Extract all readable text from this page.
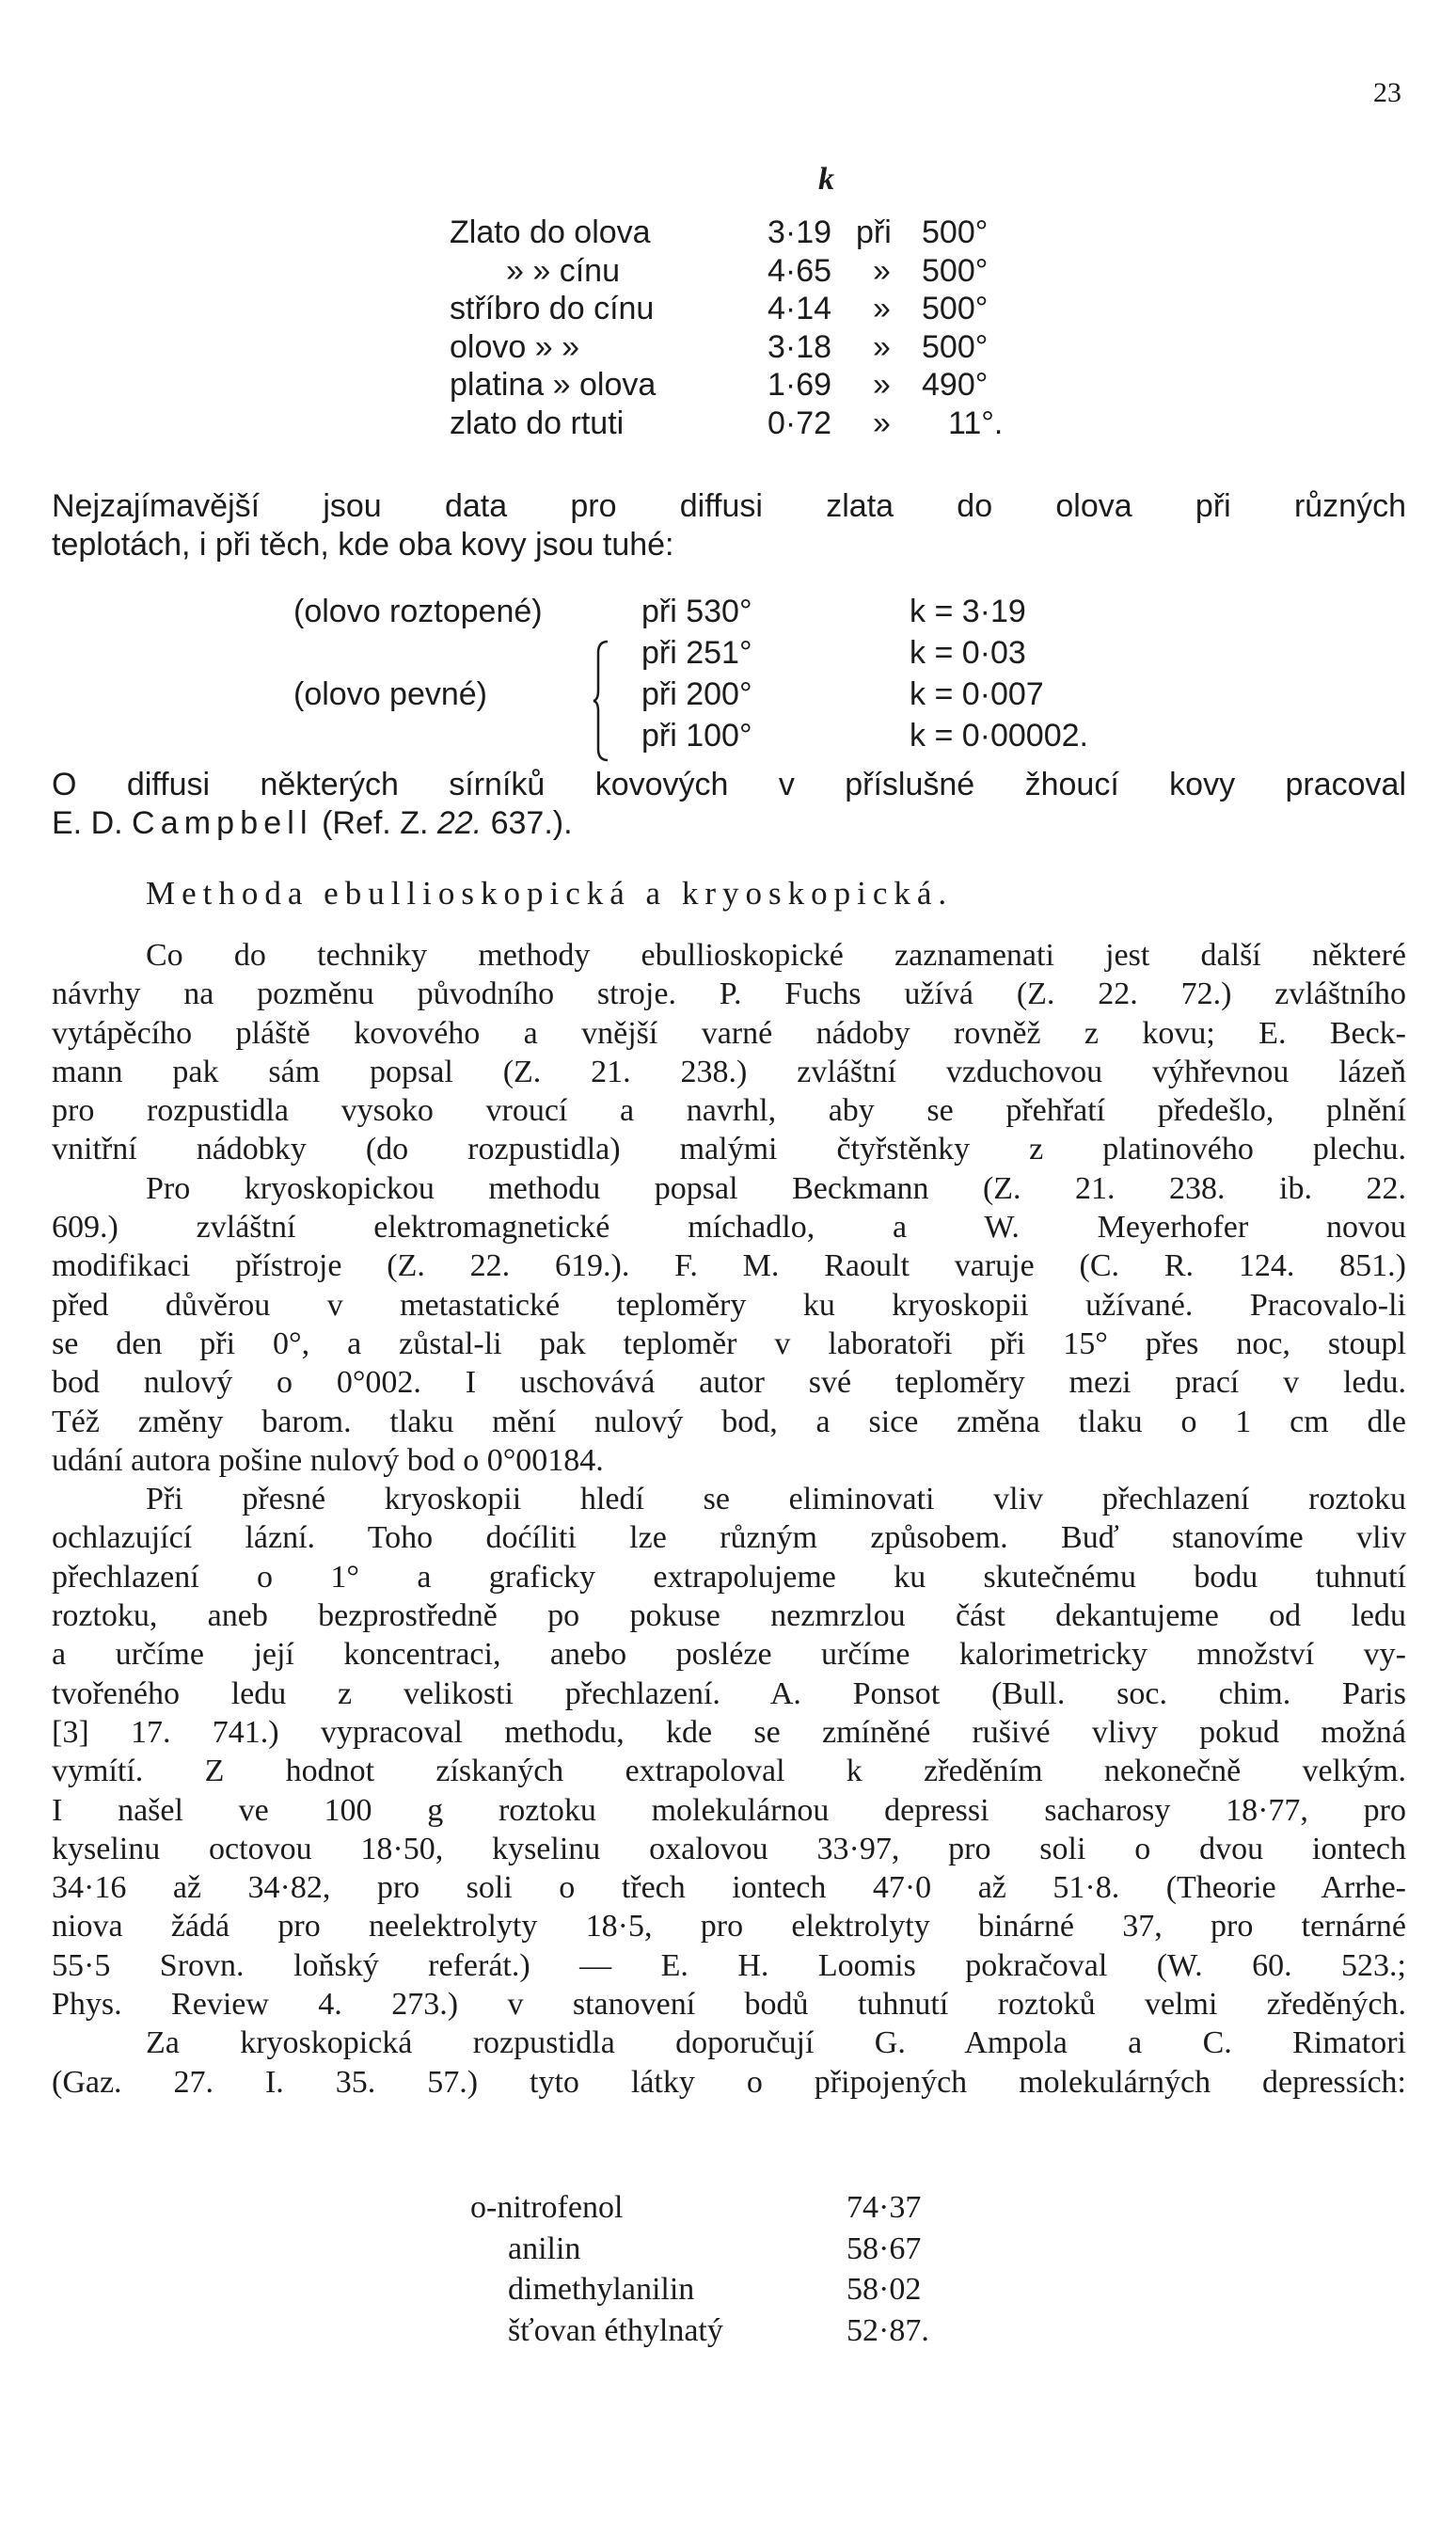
23
k
Zlato do olova	3·19 při 500°
» » cínu	4·65 » 500°
stříbro do cínu	4·14 » 500°
olovo » »	3·18 » 500°
platina » olova	1·69 » 490°
zlato do rtuti	0·72 » 11°.
Nejzajímavější jsou data pro diffusi zlata do olova při různých
teplotách, i při těch, kde oba kovy jsou tuhé:
(olovo roztopené)	při 530°	k = 3·19
při 251°	k = 0·03
(olovo pevné)	při 200°	k = 0·007
při 100°	k = 0·00002.
O diffusi některých sírníků kovových v příslušné žhoucí kovy pracoval
E. D. Campbell (Ref. Z. 22. 637.).
Methoda ebullioskopická a kryoskopická.
Co do techniky methody ebullioskopické zaznamenati jest další některé
návrhy na pozměnu původního stroje. P. Fuchs užívá (Z. 22. 72.) zvláštního
vytápěcího pláště kovového a vnější varné nádoby rovněž z kovu; E. Beck-
mann pak sám popsal (Z. 21. 238.) zvláštní vzduchovou výhřevnou lázeň
pro rozpustidla vysoko vroucí a navrhl, aby se přehřatí předešlo, plnění
vnitřní nádobky (do rozpustidla) malými čtyřstěnky z platinového plechu.
Pro kryoskopickou methodu popsal Beckmann (Z. 21. 238. ib. 22.
609.) zvláštní elektromagnetické míchadlo, a W. Meyerhofer novou
modifikaci přístroje (Z. 22. 619.). F. M. Raoult varuje (C. R. 124. 851.)
před důvěrou v metastatické teploměry ku kryoskopii užívané. Pracovalo-li
se den při 0°, a zůstal-li pak teploměr v laboratoři při 15° přes noc, stoupl
bod nulový o 0°002. I uschovává autor své teploměry mezi prací v ledu.
Též změny barom. tlaku mění nulový bod, a sice změna tlaku o 1 cm dle
udání autora pošine nulový bod o 0°00184.
Při přesné kryoskopii hledí se eliminovati vliv přechlazení roztoku
ochlazující lázní. Toho doćíliti lze různým způsobem. Buď stanovíme vliv
přechlazení o 1° a graficky extrapolujeme ku skutečnému bodu tuhnutí
roztoku, aneb bezprostředně po pokuse nezmrzlou část dekantujeme od ledu
a určíme její koncentraci, anebo posléze určíme kalorimetricky množství vy-
tvořeného ledu z velikosti přechlazení. A. Ponsot (Bull. soc. chim. Paris
[3] 17. 741.) vypracoval methodu, kde se zmíněné rušivé vlivy pokud možná
vymítí. Z hodnot získaných extrapoloval k zředěním nekonečně velkým.
I našel ve 100 g roztoku molekulárnou depressi sacharosy 18·77, pro
kyselinu octovou 18·50, kyselinu oxalovou 33·97, pro soli o dvou iontech
34·16 až 34·82, pro soli o třech iontech 47·0 až 51·8. (Theorie Arrhe-
niova žádá pro neelektrolyty 18·5, pro elektrolyty binárné 37, pro ternárné
55·5 Srovn. loňský referát.) — E. H. Loomis pokračoval (W. 60. 523.;
Phys. Review 4. 273.) v stanovení bodů tuhnutí roztoků velmi zředěných.
Za kryoskopická rozpustidla doporučují G. Ampola a C. Rimatori
(Gaz. 27. I. 35. 57.) tyto látky o připojených molekulárných depressích:
o-nitrofenol	74·37
anilin	58·67
dimethylanilin	58·02
šťovan éthylnatý	52·87.
